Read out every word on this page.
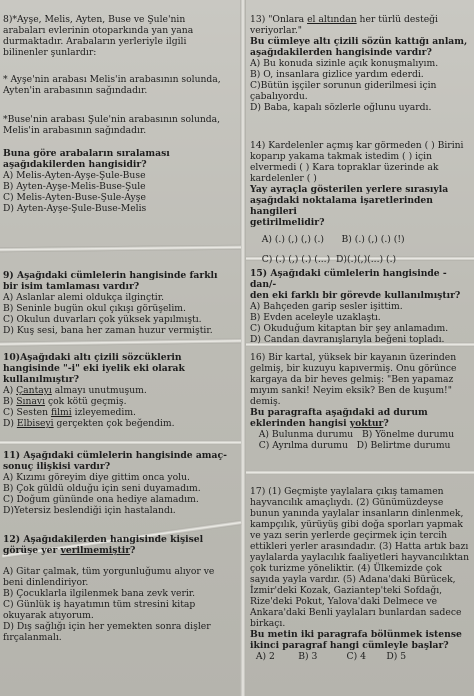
8)*Ayşe, Melis, Ayten, Buse ve Şule'nin

arabaları evlerinin otoparkında yan yana

durmaktadır. Arabaların yerleriyle ilgili

bilinenler şunlardır:

* Ayşe'nin arabası Melis'in arabasının solunda,

Ayten'in arabasının sağındadır.

*Buse'nin arabası Şule'nin arabasının solunda,

Melis'in arabasının sağındadır.

Buna göre arabaların sıralaması

aşağıdakilerden hangisidir?

A) Melis-Ayten-Ayşe-Şule-Buse

B) Ayten-Ayşe-Melis-Buse-Şule

C) Melis-Ayten-Buse-Şule-Ayşe

D) Ayten-Ayşe-Şule-Buse-Melis

9) Aşağıdaki cümlelerin hangisinde farklı

bir isim tamlaması vardır?

A) Aslanlar alemi oldukça ilginçtir.

B) Seninle bugün okul çıkışı görüşelim.

C) Okulun duvarları çok yüksek yapılmıştı.

D) Kuş sesi, bana her zaman huzur vermiştir.

10)Aşağıdaki altı çizili sözcüklerin

hangisinde "-i" eki iyelik eki olarak

kullanılmıştır?

A) Çantayı almayı unutmuşum.

B) Sınavı çok kötü geçmiş.

C) Sesten filmi izleyemedim.

D) Elbiseyi gerçekten çok beğendim.

11) Aşağıdaki cümlelerin hangisinde amaç-

sonuç ilişkisi vardır?

A) Kızımı göreyim diye gittim onca yolu.

B) Çok güldü olduğu için seni duyamadım.

C) Doğum gününde ona hediye alamadım.

D)Yetersiz beslendiği için hastalandı.

12) Aşağıdakilerden hangisinde kişisel

görüşe yer verilmemiştir?

A) Gitar çalmak, tüm yorgunluğumu alıyor ve

beni dinlendiriyor.

B) Çocuklarla ilgilenmek bana zevk verir.

C) Günlük iş hayatımın tüm stresini kitap

okuyarak atıyorum.

D) Dış sağlığı için her yemekten sonra dişler

fırçalanmalı.

13) "Onlara el altından her türlü desteği

veriyorlar."

Bu cümleye altı çizili sözün kattığı anlam,

aşağıdakilerden hangisinde vardır?

A) Bu konuda sizinle açık konuşmalıyım.

B) O, insanlara gizlice yardım ederdi.

C)Bütün işçiler sorunun giderilmesi için

çabalıyordu.

D) Baba, kapalı sözlerle oğlunu uyardı.

14) Kardelenler açmış kar görmeden ( ) Birini

koparıp yakama takmak istedim ( ) için

elvermedi ( ) Kara topraklar üzerinde ak

kardelenler ( )

Yay ayraçla gösterilen yerlere sırasıyla

aşağıdaki noktalama işaretlerinden hangileri

getirilmelidir?

A) (.) (,) (,) (.) B) (.) (,) (.) (!)

C) (.) (,) (.) (...) D)(.)(,)(...) (.)

15) Aşağıdaki cümlelerin hangisinde -dan/-

den eki farklı bir görevde kullanılmıştır?

A) Bahçeden garip sesler işittim.

B) Evden aceleyle uzaklaştı.

C) Okuduğum kitaptan bir şey anlamadım.

D) Candan davranışlarıyla beğeni topladı.

16) Bir kartal, yüksek bir kayanın üzerinden

gelmiş, bir kuzuyu kapıvermiş. Onu görünce

kargaya da bir heves gelmiş: "Ben yapamaz

mıyım sanki! Neyim eksik? Ben de kuşum!"

demiş.

Bu paragrafta aşağıdaki ad durum

eklerinden hangisi yoktur?

A) Bulunma durumu B) Yönelme durumu

C) Ayrılma durumu D) Belirtme durumu

17) (1) Geçmişte yaylalara çıkış tamamen

hayvancılık amaçlıydı. (2) Günümüzdeyse

bunun yanında yaylalar insanların dinlenmek,

kampçılık, yürüyüş gibi doğa sporları yapmak

ve yazı serin yerlerde geçirmek için tercih

ettikleri yerler arasındadır. (3) Hatta artık bazı

yaylalarda yaylacılık faaliyetleri hayvancılıktan

çok turizme yöneliktir. (4) Ülkemizde çok

sayıda yayla vardır. (5) Adana'daki Bürücek,

İzmir'deki Kozak, Gaziantep'teki Sofdağı,

Rize'deki Pokut, Yalova'daki Delmece ve

Ankara'daki Benli yaylaları bunlardan sadece

birkaçı.

Bu metin iki paragrafa bölünmek istense

ikinci paragraf hangi cümleyle başlar?

A) 2	B) 3	C) 4 D) 5
